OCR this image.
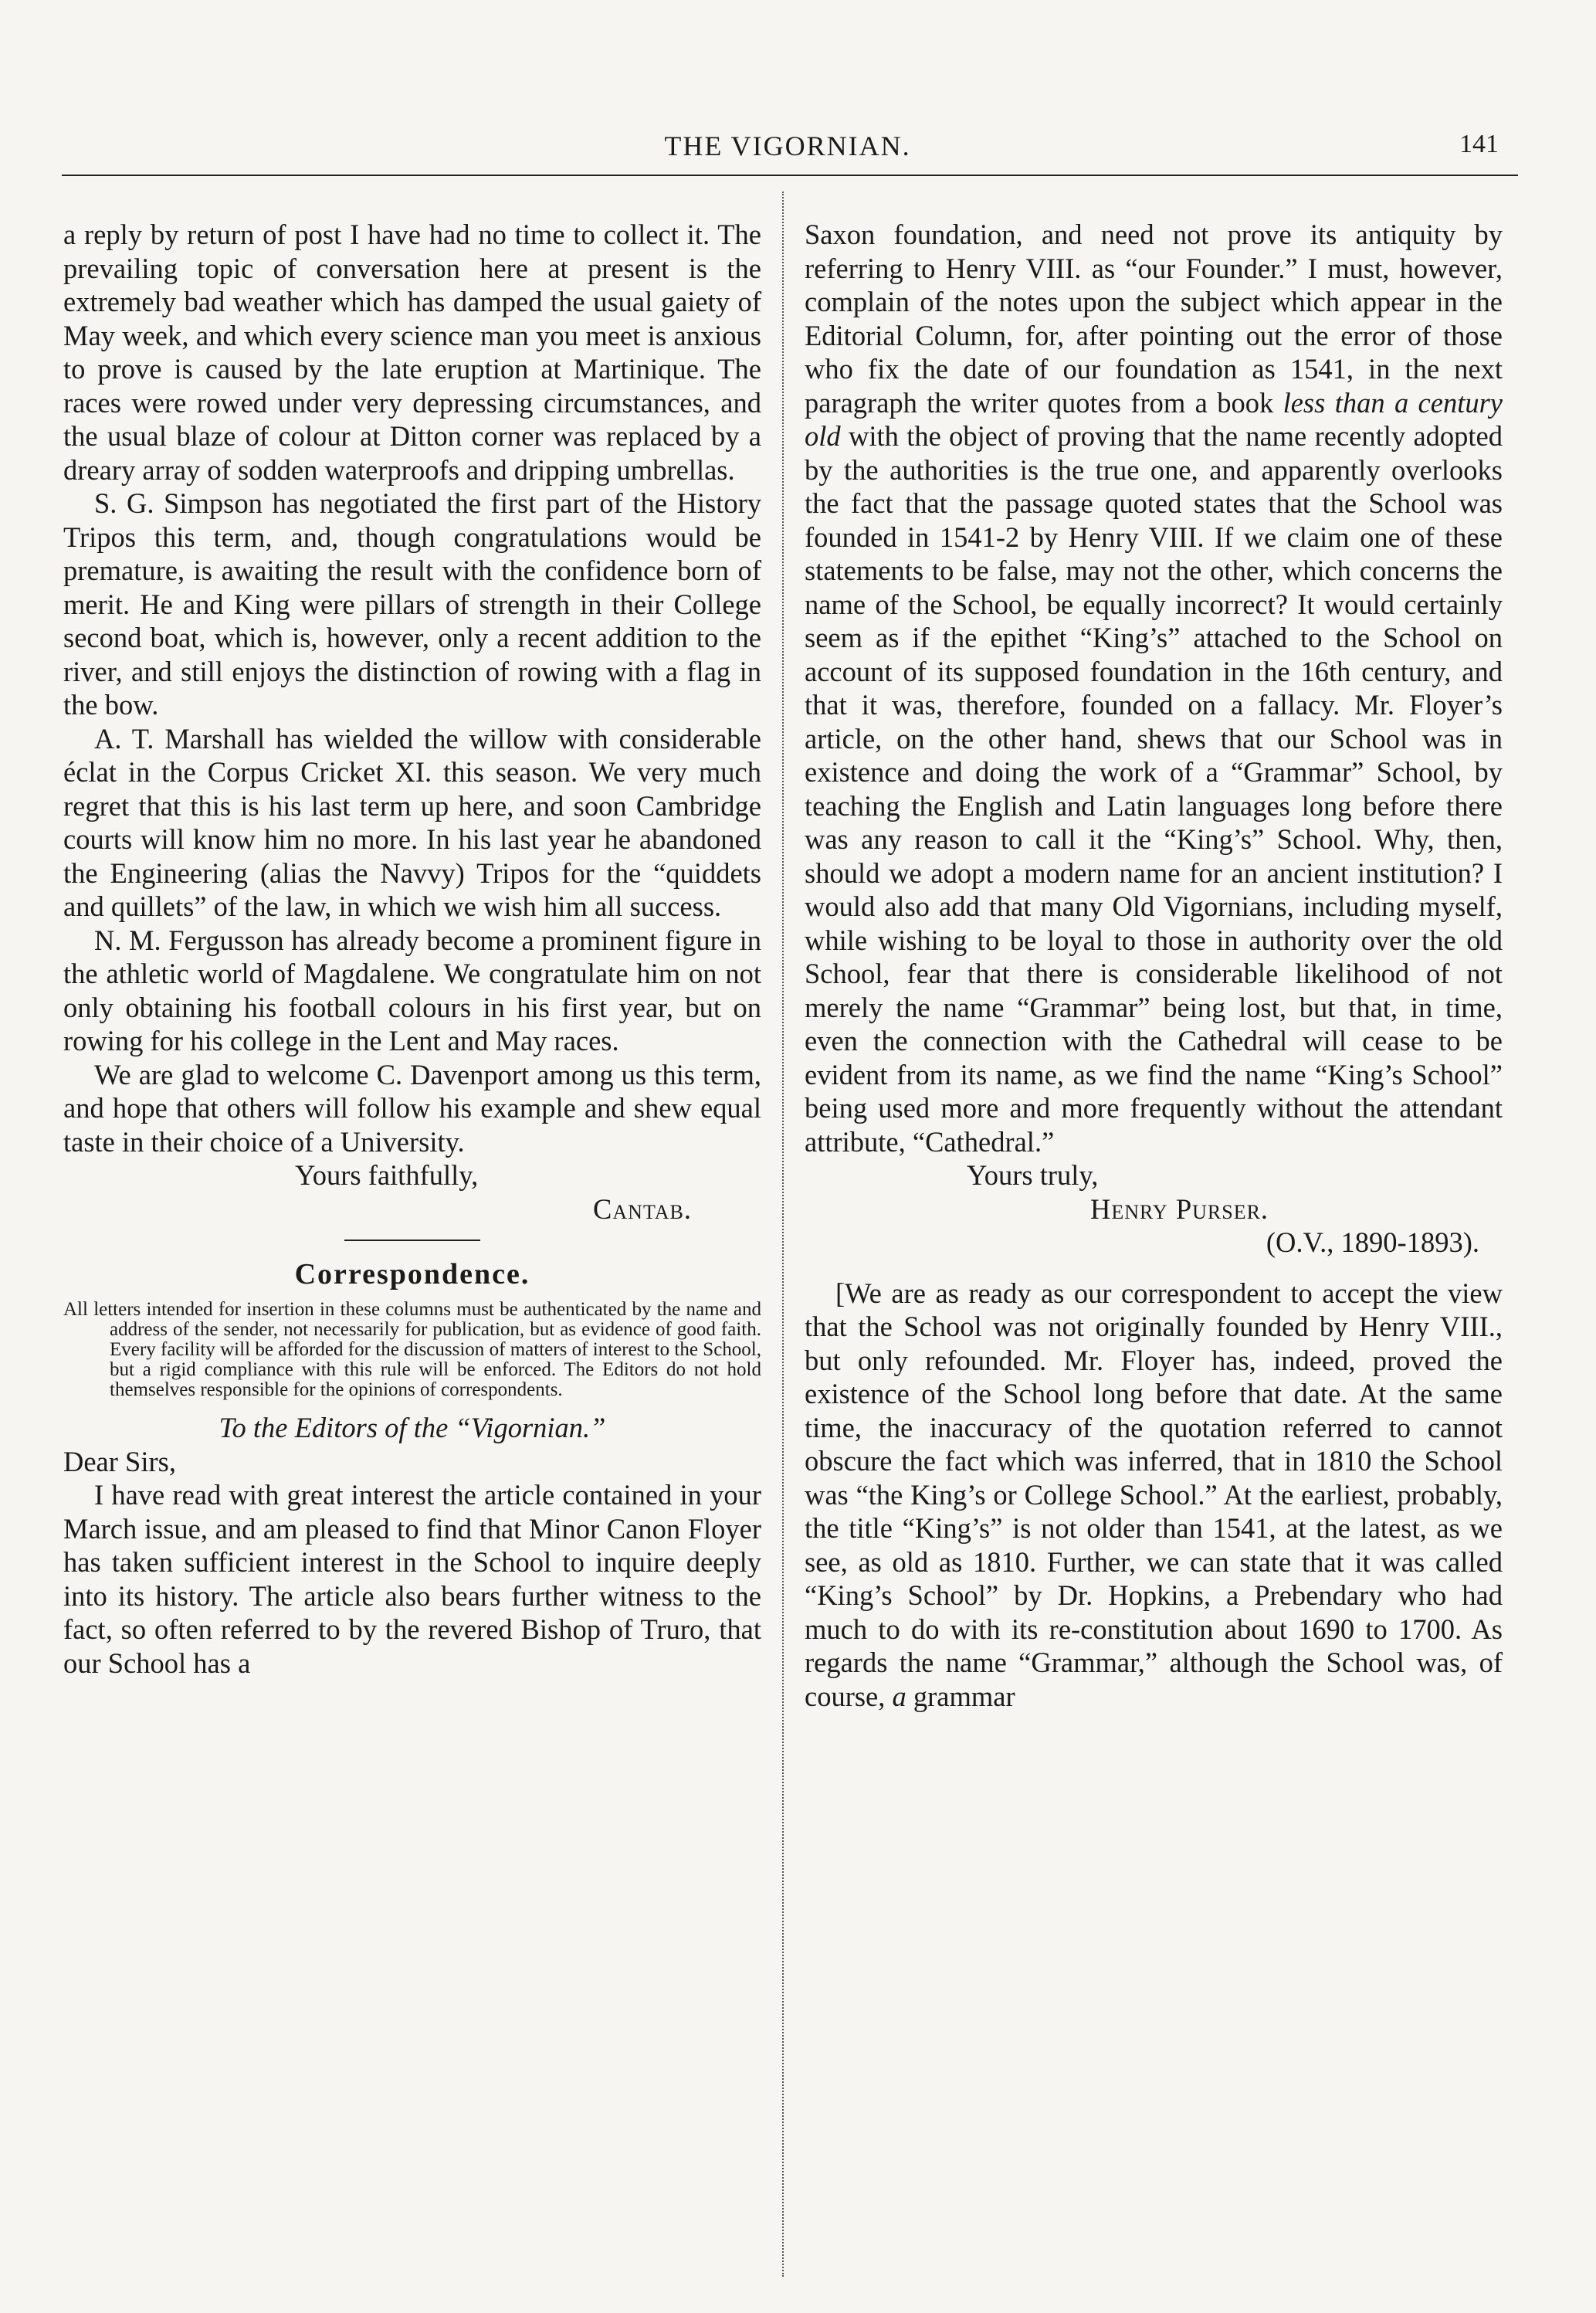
THE VIGORNIAN.	141

a reply by return of post I have had no time to collect it. The prevailing topic of conversation here at present is the extremely bad weather which has damped the usual gaiety of May week, and which every science man you meet is anxious to prove is caused by the late eruption at Martinique. The races were rowed under very depressing circumstances, and the usual blaze of colour at Ditton corner was replaced by a dreary array of sodden waterproofs and dripping umbrellas.

S. G. Simpson has negotiated the first part of the History Tripos this term, and, though congratulations would be premature, is awaiting the result with the confidence born of merit. He and King were pillars of strength in their College second boat, which is, however, only a recent addition to the river, and still enjoys the distinction of rowing with a flag in the bow.

A. T. Marshall has wielded the willow with considerable éclat in the Corpus Cricket XI. this season. We very much regret that this is his last term up here, and soon Cambridge courts will know him no more. In his last year he abandoned the Engineering (alias the Navvy) Tripos for the “quiddets and quillets” of the law, in which we wish him all success.

N. M. Fergusson has already become a prominent figure in the athletic world of Magdalene. We congratulate him on not only obtaining his football colours in his first year, but on rowing for his college in the Lent and May races.

We are glad to welcome C. Davenport among us this term, and hope that others will follow his example and shew equal taste in their choice of a University.

Yours faithfully,

Cantab.

Correspondence.

All letters intended for insertion in these columns must be authenticated by the name and address of the sender, not necessarily for publication, but as evidence of good faith. Every facility will be afforded for the discussion of matters of interest to the School, but a rigid compliance with this rule will be enforced. The Editors do not hold themselves responsible for the opinions of correspondents.

To the Editors of the “Vigornian.”

Dear Sirs,

I have read with great interest the article contained in your March issue, and am pleased to find that Minor Canon Floyer has taken sufficient interest in the School to inquire deeply into its history. The article also bears further witness to the fact, so often referred to by the revered Bishop of Truro, that our School has a

Saxon foundation, and need not prove its antiquity by referring to Henry VIII. as “our Founder.” I must, however, complain of the notes upon the subject which appear in the Editorial Column, for, after pointing out the error of those who fix the date of our foundation as 1541, in the next paragraph the writer quotes from a book less than a century old with the object of proving that the name recently adopted by the authorities is the true one, and apparently overlooks the fact that the passage quoted states that the School was founded in 1541-2 by Henry VIII. If we claim one of these statements to be false, may not the other, which concerns the name of the School, be equally incorrect? It would certainly seem as if the epithet “King’s” attached to the School on account of its supposed foundation in the 16th century, and that it was, therefore, founded on a fallacy. Mr. Floyer’s article, on the other hand, shews that our School was in existence and doing the work of a “Grammar” School, by teaching the English and Latin languages long before there was any reason to call it the “King’s” School. Why, then, should we adopt a modern name for an ancient institution? I would also add that many Old Vigornians, including myself, while wishing to be loyal to those in authority over the old School, fear that there is considerable likelihood of not merely the name “Grammar” being lost, but that, in time, even the connection with the Cathedral will cease to be evident from its name, as we find the name “King’s School” being used more and more frequently without the attendant attribute, “Cathedral.”

Yours truly,

Henry Purser.

(O.V., 1890-1893).

[We are as ready as our correspondent to accept the view that the School was not originally founded by Henry VIII., but only refounded. Mr. Floyer has, indeed, proved the existence of the School long before that date. At the same time, the inaccuracy of the quotation referred to cannot obscure the fact which was inferred, that in 1810 the School was “the King’s or College School.” At the earliest, probably, the title “King’s” is not older than 1541, at the latest, as we see, as old as 1810. Further, we can state that it was called “King’s School” by Dr. Hopkins, a Prebendary who had much to do with its re-constitution about 1690 to 1700. As regards the name “Grammar,” although the School was, of course, a grammar
